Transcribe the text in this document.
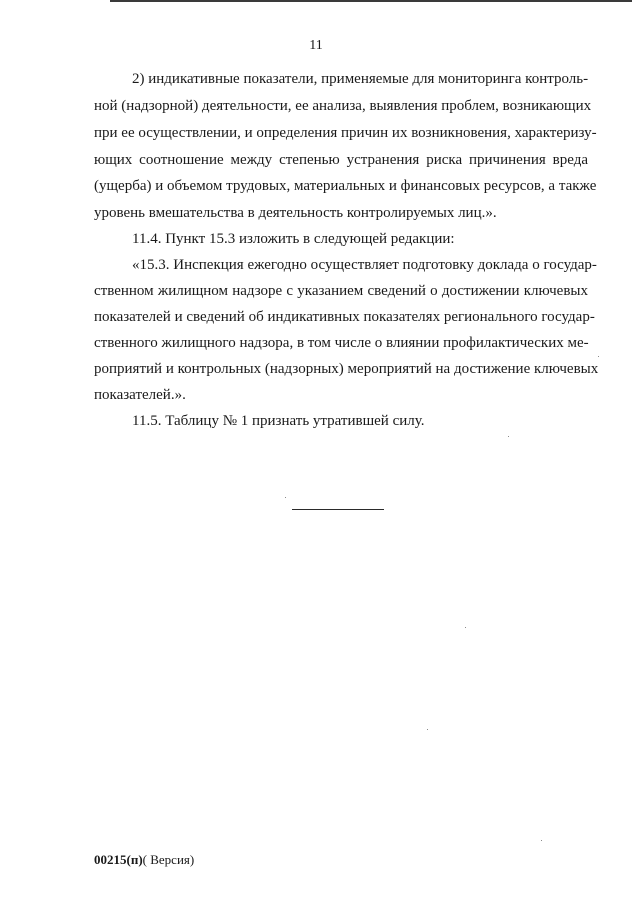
11
2) индикативные показатели, применяемые для мониторинга контроль-
ной (надзорной) деятельности, ее анализа, выявления проблем, возникающих
при ее осуществлении, и определения причин их возникновения, характеризу-
ющих соотношение между степенью устранения риска причинения вреда
(ущерба) и объемом трудовых, материальных и финансовых ресурсов, а также
уровень вмешательства в деятельность контролируемых лиц.».
11.4. Пункт 15.3 изложить в следующей редакции:
«15.3. Инспекция ежегодно осуществляет подготовку доклада о государ-
ственном жилищном надзоре с указанием сведений о достижении ключевых
показателей и сведений об индикативных показателях регионального государ-
ственного жилищного надзора, в том числе о влиянии профилактических ме-
роприятий и контрольных (надзорных) мероприятий на достижение ключевых
показателей.».
11.5. Таблицу № 1 признать утратившей силу.
00215(п)( Версия)
